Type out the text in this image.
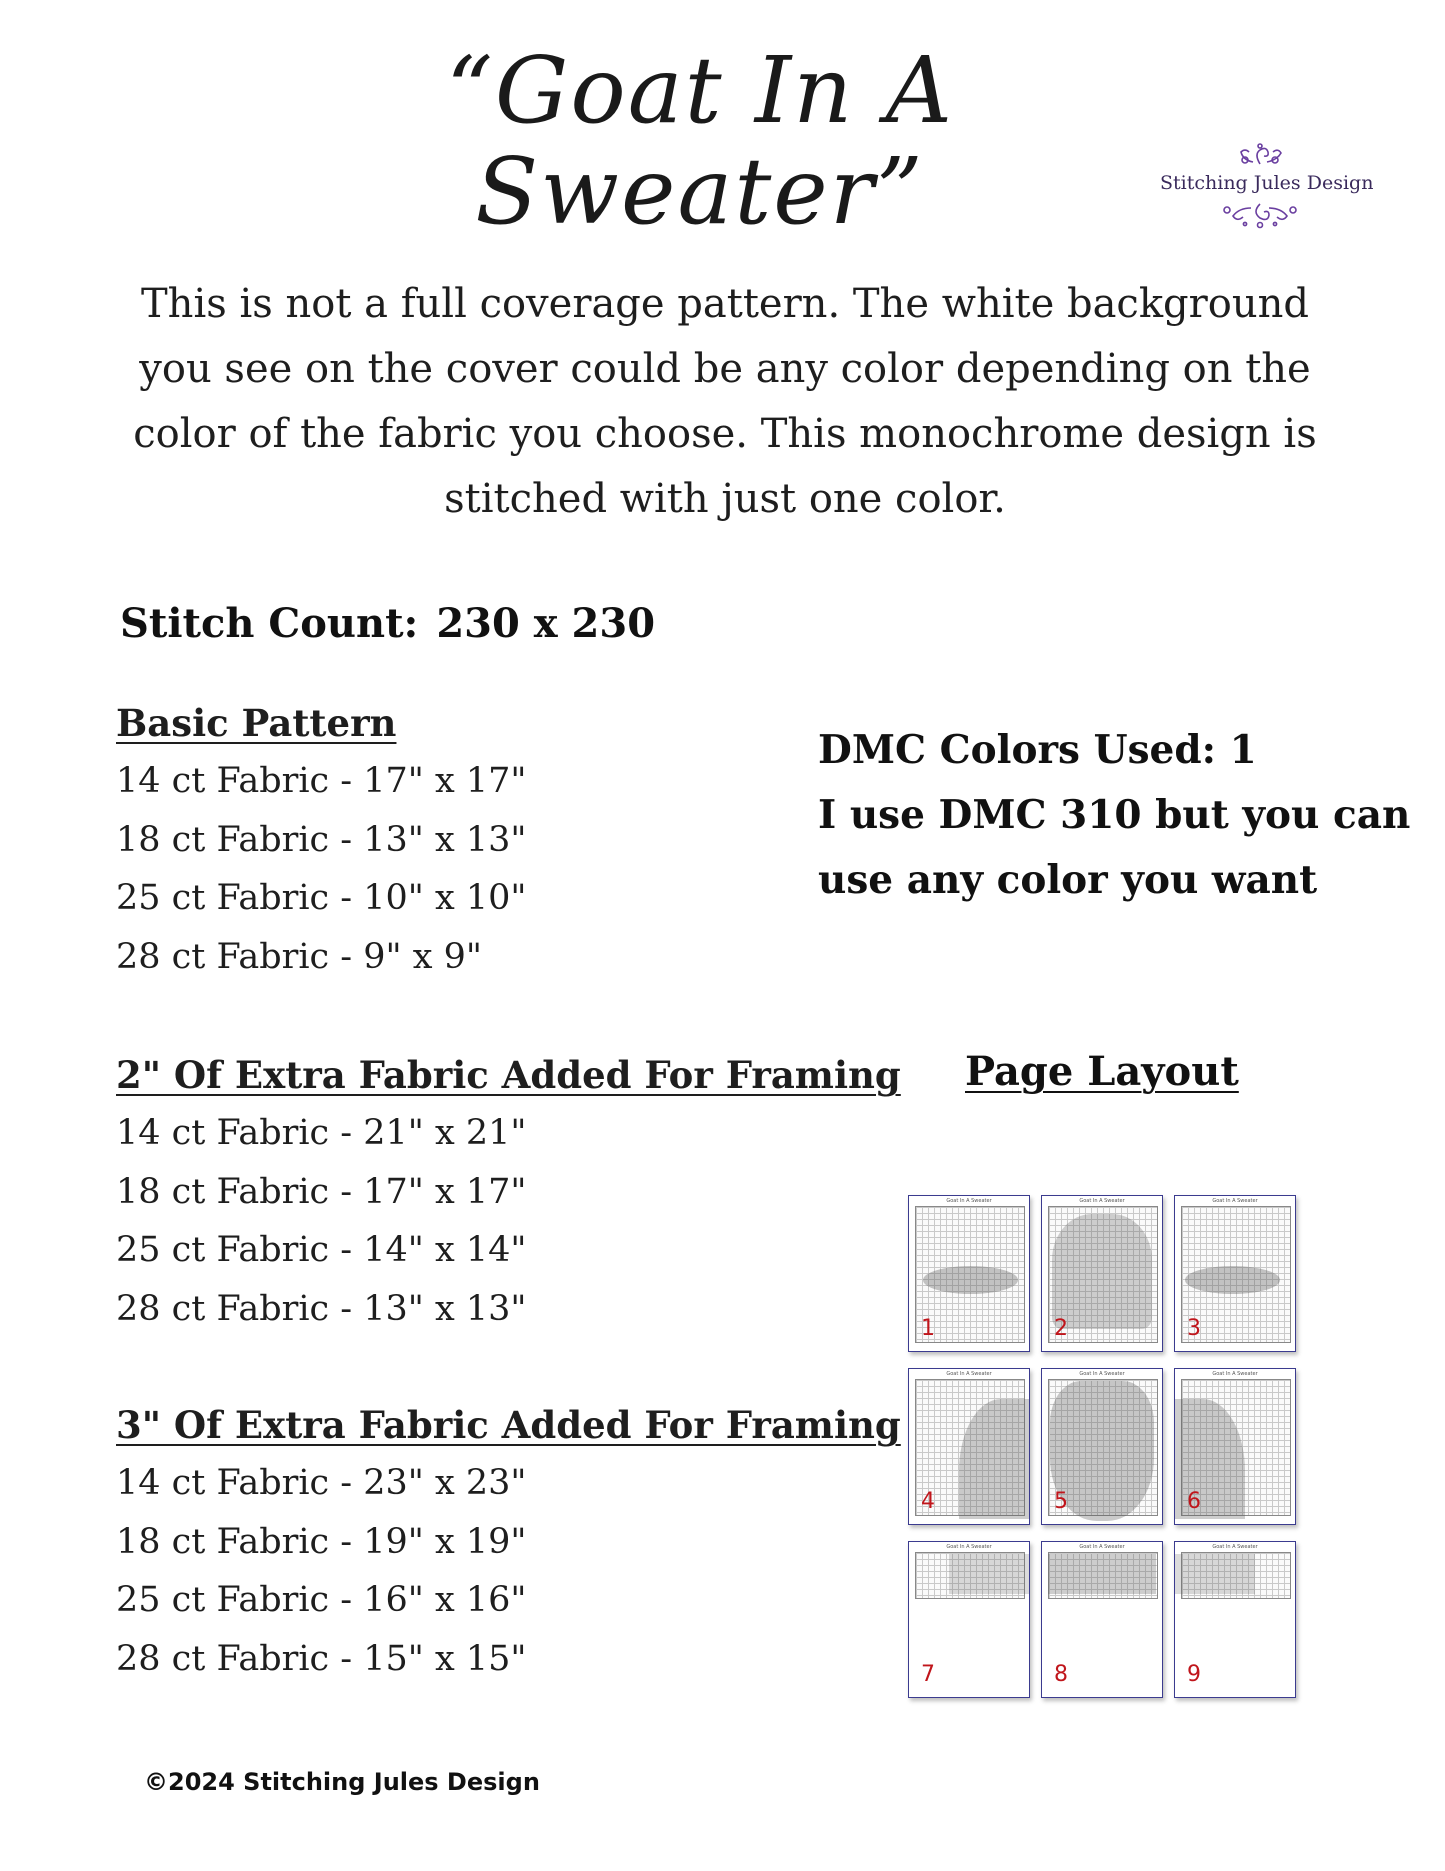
“Goat In A Sweater”	Stitching Jules Design
This is not a full coverage pattern. The white background you see on the cover could be any color depending on the color of the fabric you choose. This monochrome design is stitched with just one color.
Stitch Count: 230 x 230
Basic Pattern
14 ct Fabric - 17" x 17"
18 ct Fabric - 13" x 13"
25 ct Fabric - 10" x 10"
28 ct Fabric - 9" x 9"
2" Of Extra Fabric Added For Framing
14 ct Fabric - 21" x 21"
18 ct Fabric - 17" x 17"
25 ct Fabric - 14" x 14"
28 ct Fabric - 13" x 13"
3" Of Extra Fabric Added For Framing
14 ct Fabric - 23" x 23"
18 ct Fabric - 19" x 19"
25 ct Fabric - 16" x 16"
28 ct Fabric - 15" x 15"
DMC Colors Used: 1
I use DMC 310 but you can
use any color you want
Page Layout
Goat In A Sweater
1
Goat In A Sweater
2
Goat In A Sweater
3
Goat In A Sweater
4
Goat In A Sweater
5
Goat In A Sweater
6
Goat In A Sweater
7
Goat In A Sweater
8
Goat In A Sweater
9
©2024 Stitching Jules Design
